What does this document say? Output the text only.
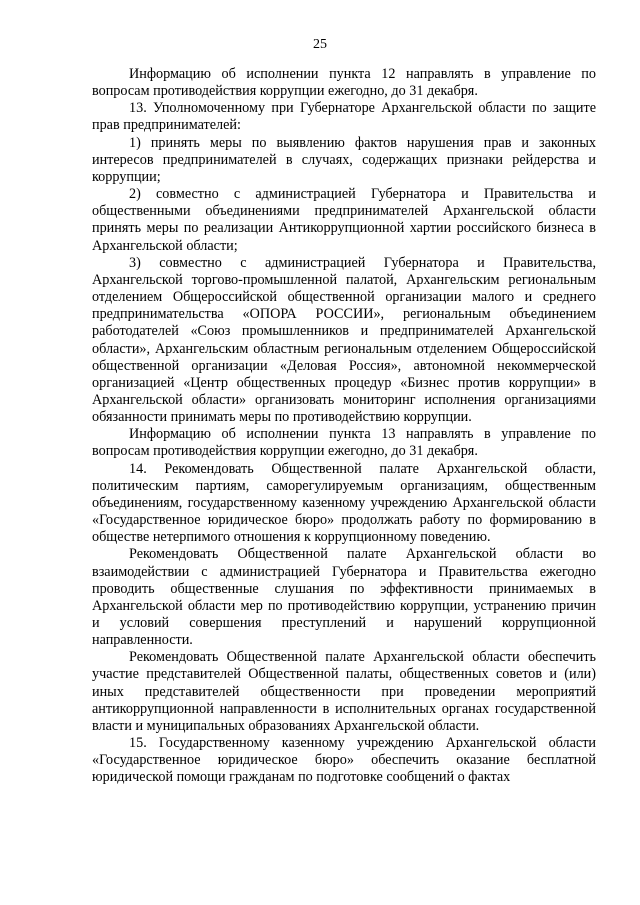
25

Информацию об исполнении пункта 12 направлять в управление по вопросам противодействия коррупции ежегодно, до 31 декабря.

13. Уполномоченному при Губернаторе Архангельской области по защите прав предпринимателей:

1) принять меры по выявлению фактов нарушения прав и законных интересов предпринимателей в случаях, содержащих признаки рейдерства и коррупции;

2) совместно с администрацией Губернатора и Правительства и общественными объединениями предпринимателей Архангельской области принять меры по реализации Антикоррупционной хартии российского бизнеса в Архангельской области;

3) совместно с администрацией Губернатора и Правительства, Архангельской торгово-промышленной палатой, Архангельским региональным отделением Общероссийской общественной организации малого и среднего предпринимательства «ОПОРА РОССИИ», региональным объединением работодателей «Союз промышленников и предпринимателей Архангельской области», Архангельским областным региональным отделением Общероссийской общественной организации «Деловая Россия», автономной некоммерческой организацией «Центр общественных процедур «Бизнес против коррупции» в Архангельской области» организовать мониторинг исполнения организациями обязанности принимать меры по противодействию коррупции.

Информацию об исполнении пункта 13 направлять в управление по вопросам противодействия коррупции ежегодно, до 31 декабря.

14. Рекомендовать Общественной палате Архангельской области, политическим партиям, саморегулируемым организациям, общественным объединениям, государственному казенному учреждению Архангельской области «Государственное юридическое бюро» продолжать работу по формированию в обществе нетерпимого отношения к коррупционному поведению.

Рекомендовать Общественной палате Архангельской области во взаимодействии с администрацией Губернатора и Правительства ежегодно проводить общественные слушания по эффективности принимаемых в Архангельской области мер по противодействию коррупции, устранению причин и условий совершения преступлений и нарушений коррупционной направленности.

Рекомендовать Общественной палате Архангельской области обеспечить участие представителей Общественной палаты, общественных советов и (или) иных представителей общественности при проведении мероприятий антикоррупционной направленности в исполнительных органах государственной власти и муниципальных образованиях Архангельской области.

15. Государственному казенному учреждению Архангельской области «Государственное юридическое бюро» обеспечить оказание бесплатной юридической помощи гражданам по подготовке сообщений о фактах
